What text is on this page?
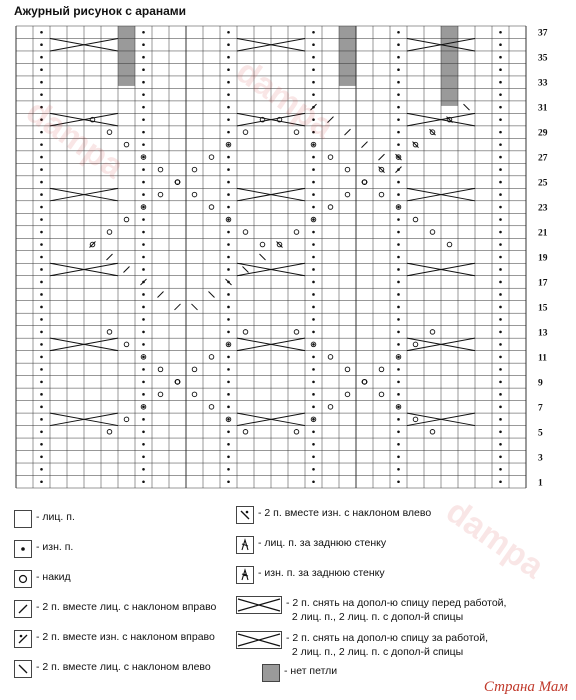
Ажурный рисунок с аранами
37
35
33
31
29
27
25
23
21
19
17
15
13
11
9
7
5
3
1
- лиц. п.
- изн. п.
- накид
- 2 п. вместе лиц. с наклоном вправо
- 2 п. вместе изн. с наклоном вправо
- 2 п. вместе лиц. с наклоном влево
- 2 п. вместе изн. с наклоном влево
- лиц. п. за заднюю стенку
- изн. п. за заднюю стенку
- 2 п. снять на допол-ю спицу перед работой,
2 лиц. п., 2 лиц. п. с допол-й спицы
- 2 п. снять на допол-ю спицу за работой,
2 лиц. п., 2 лиц. п. с допол-й спицы
- нет петли
Страна Мам
dampa	dampa
dampa
